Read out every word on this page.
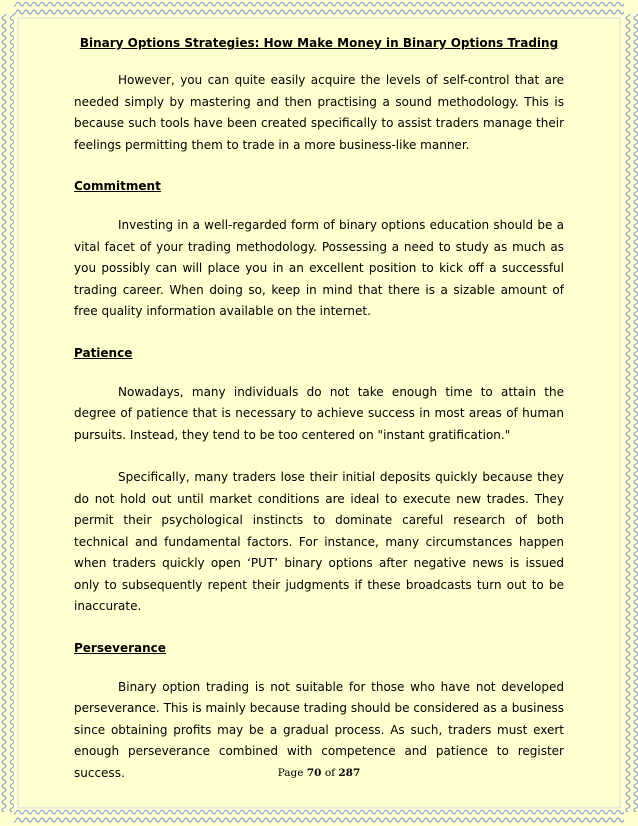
Binary Options Strategies: How Make Money in Binary Options Trading

However, you can quite easily acquire the levels of self-control that are needed simply by mastering and then practising a sound methodology. This is because such tools have been created specifically to assist traders manage their feelings permitting them to trade in a more business-like manner.

Commitment

Investing in a well-regarded form of binary options education should be a vital facet of your trading methodology. Possessing a need to study as much as you possibly can will place you in an excellent position to kick off a successful trading career. When doing so, keep in mind that there is a sizable amount of free quality information available on the internet.

Patience

Nowadays, many individuals do not take enough time to attain the degree of patience that is necessary to achieve success in most areas of human pursuits. Instead, they tend to be too centered on "instant gratification."

Specifically, many traders lose their initial deposits quickly because they do not hold out until market conditions are ideal to execute new trades. They permit their psychological instincts to dominate careful research of both technical and fundamental factors. For instance, many circumstances happen when traders quickly open ‘PUT’ binary options after negative news is issued only to subsequently repent their judgments if these broadcasts turn out to be inaccurate.

Perseverance

Binary option trading is not suitable for those who have not developed perseverance. This is mainly because trading should be considered as a business since obtaining profits may be a gradual process. As such, traders must exert enough perseverance combined with competence and patience to register success.	Page 70 of 287
